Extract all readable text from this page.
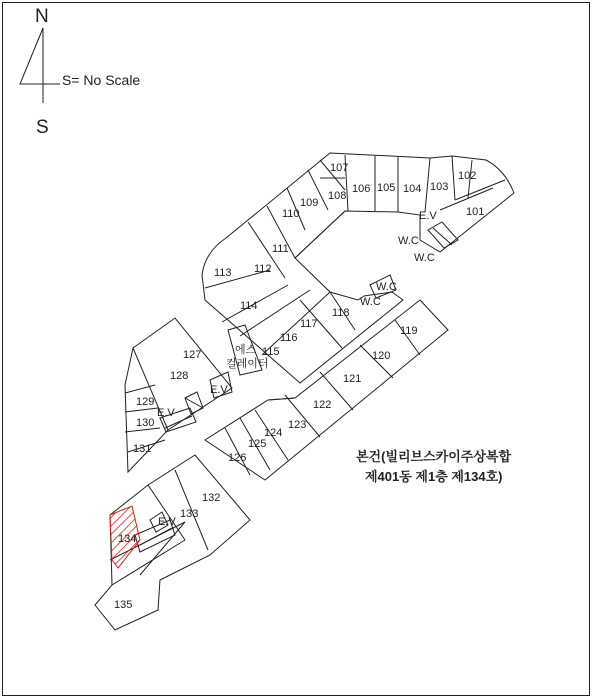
N
S
S= No Scale
101
102
103
104
105
106
107
108
109
110
111
112
113
114
115
116
117
118
119
120
121
122
123
124
125
126
127
128
129
130
131
132
133
134
135
E.V
W.C
W.C
W.C
W.C
에스
컬레이터
E.V
E.V
E.V
본건(빌리브스카이주상복합
제401동 제1층 제134호)
